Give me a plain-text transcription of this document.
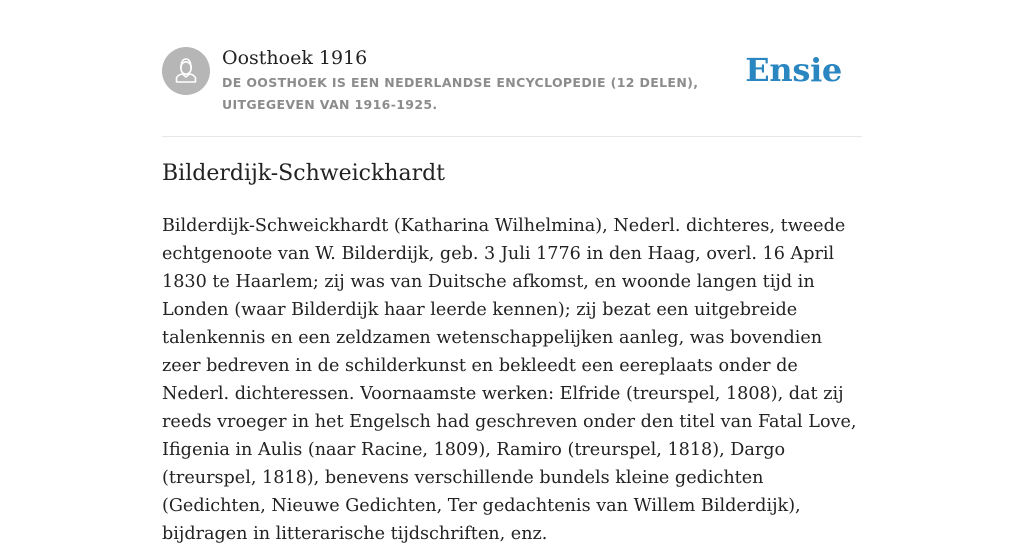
Oosthoek 1916
DE OOSTHOEK IS EEN NEDERLANDSE ENCYCLOPEDIE (12 DELEN), UITGEGEVEN VAN 1916-1925.
Ensie
Bilderdijk-Schweickhardt

Bilderdijk-Schweickhardt (Katharina Wilhelmina), Nederl. dichteres, tweede echtgenoote van W. Bilderdijk, geb. 3 Juli 1776 in den Haag, overl. 16 April 1830 te Haarlem; zij was van Duitsche afkomst, en woonde langen tijd in Londen (waar Bilderdijk haar leerde kennen); zij bezat een uitgebreide talenkennis en een zeldzamen wetenschappelijken aanleg, was bovendien zeer bedreven in de schilderkunst en bekleedt een eereplaats onder de Nederl. dichteressen. Voornaamste werken: Elfride (treurspel, 1808), dat zij reeds vroeger in het Engelsch had geschreven onder den titel van Fatal Love, Ifigenia in Aulis (naar Racine, 1809), Ramiro (treurspel, 1818), Dargo (treurspel, 1818), benevens verschillende bundels kleine gedichten (Gedichten, Nieuwe Gedichten, Ter gedachtenis van Willem Bilderdijk), bijdragen in litterarische tijdschriften, enz.
